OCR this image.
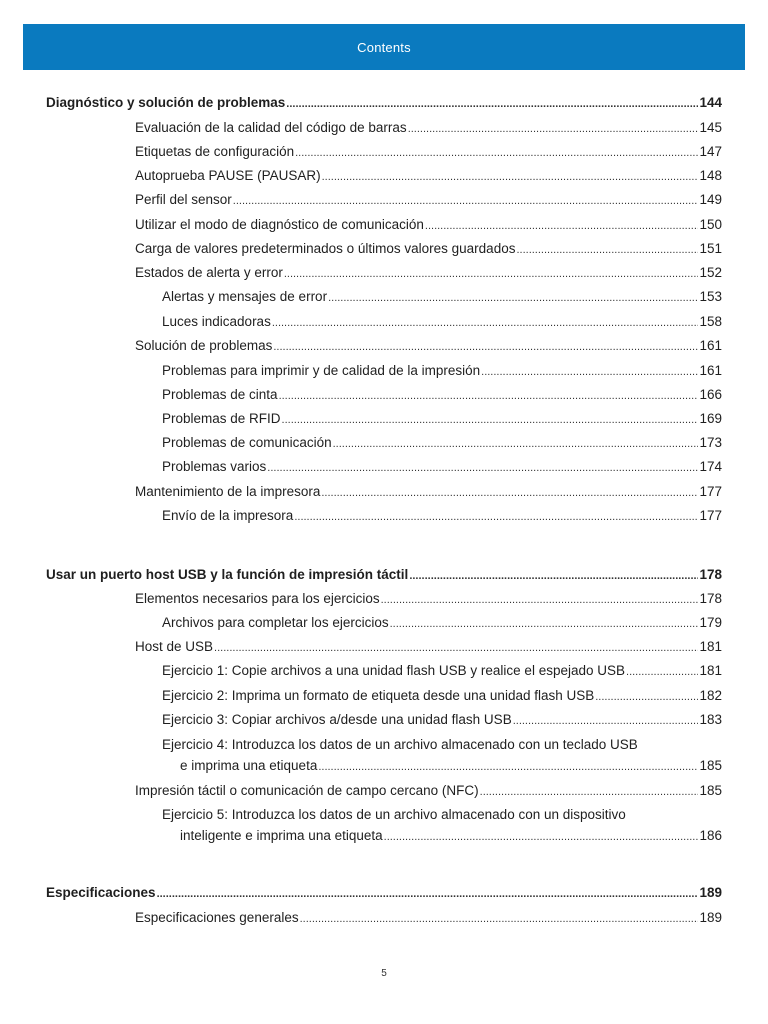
Contents
Diagnóstico y solución de problemas .....	144
Evaluación de la calidad del código de barras .....	145
Etiquetas de configuración .....	147
Autoprueba PAUSE (PAUSAR) .....	148
Perfil del sensor .....	149
Utilizar el modo de diagnóstico de comunicación .....	150
Carga de valores predeterminados o últimos valores guardados .....	151
Estados de alerta y error .....	152
Alertas y mensajes de error .....	153
Luces indicadoras .....	158
Solución de problemas .....	161
Problemas para imprimir y de calidad de la impresión .....	161
Problemas de cinta .....	166
Problemas de RFID .....	169
Problemas de comunicación .....	173
Problemas varios .....	174
Mantenimiento de la impresora .....	177
Envío de la impresora .....	177
Usar un puerto host USB y la función de impresión táctil .....	178
Elementos necesarios para los ejercicios .....	178
Archivos para completar los ejercicios .....	179
Host de USB .....	181
Ejercicio 1: Copie archivos a una unidad flash USB y realice el espejado USB .....	181
Ejercicio 2: Imprima un formato de etiqueta desde una unidad flash USB .....	182
Ejercicio 3: Copiar archivos a/desde una unidad flash USB .....	183
Ejercicio 4: Introduzca los datos de un archivo almacenado con un teclado USB
e imprima una etiqueta .....	185
Impresión táctil o comunicación de campo cercano (NFC) .....	185
Ejercicio 5: Introduzca los datos de un archivo almacenado con un dispositivo
inteligente e imprima una etiqueta .....	186
Especificaciones .....	189
Especificaciones generales .....	189
5
